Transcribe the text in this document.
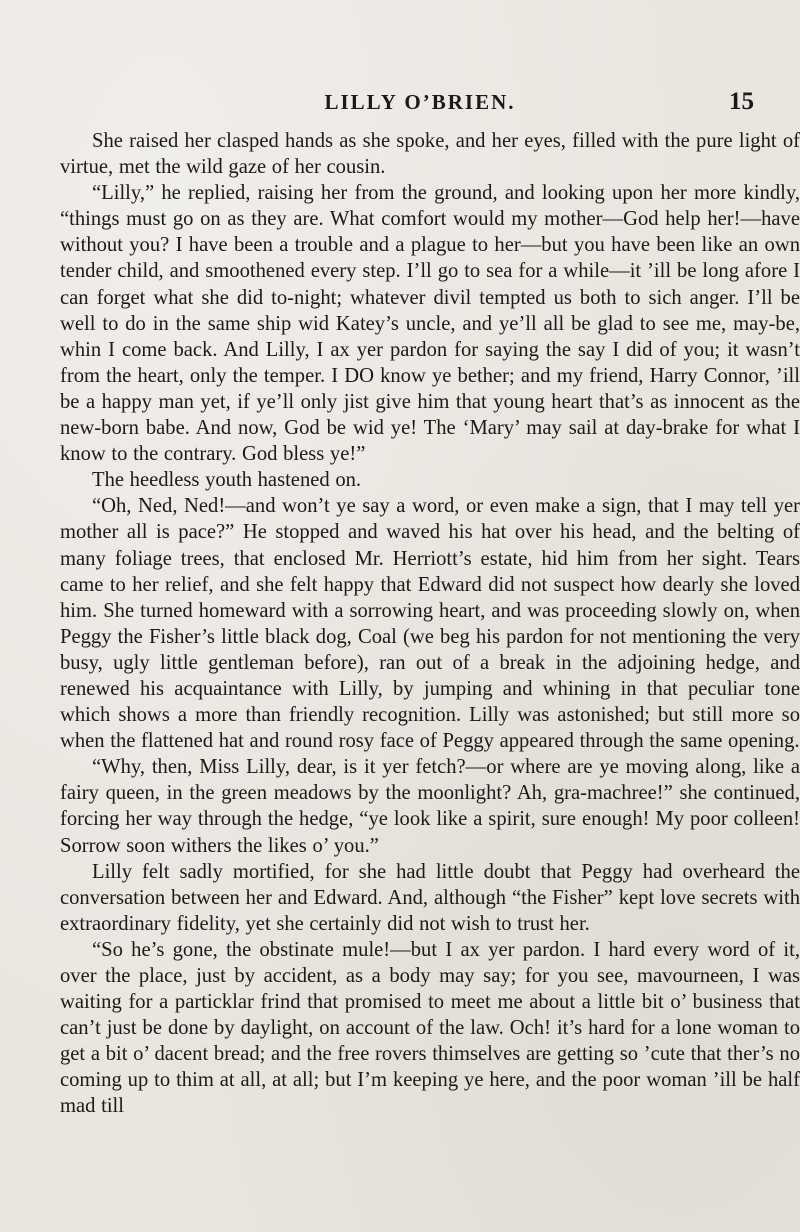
LILLY O’BRIEN.	15

She raised her clasped hands as she spoke, and her eyes, filled with the pure light of virtue, met the wild gaze of her cousin.

“Lilly,” he replied, raising her from the ground, and looking upon her more kindly, “things must go on as they are. What comfort would my mother—God help her!—have without you? I have been a trouble and a plague to her—but you have been like an own tender child, and smoothened every step. I’ll go to sea for a while—it ’ill be long afore I can forget what she did to-night; whatever divil tempted us both to sich anger. I’ll be well to do in the same ship wid Katey’s uncle, and ye’ll all be glad to see me, may-be, whin I come back. And Lilly, I ax yer pardon for saying the say I did of you; it wasn’t from the heart, only the temper. I DO know ye bether; and my friend, Harry Connor, ’ill be a happy man yet, if ye’ll only jist give him that young heart that’s as innocent as the new-born babe. And now, God be wid ye! The ‘Mary’ may sail at day-brake for what I know to the contrary. God bless ye!”

The heedless youth hastened on.

“Oh, Ned, Ned!—and won’t ye say a word, or even make a sign, that I may tell yer mother all is pace?” He stopped and waved his hat over his head, and the belting of many foliage trees, that enclosed Mr. Herriott’s estate, hid him from her sight. Tears came to her relief, and she felt happy that Edward did not suspect how dearly she loved him. She turned homeward with a sorrowing heart, and was proceeding slowly on, when Peggy the Fisher’s little black dog, Coal (we beg his pardon for not mentioning the very busy, ugly little gentleman before), ran out of a break in the adjoining hedge, and renewed his acquaintance with Lilly, by jumping and whining in that peculiar tone which shows a more than friendly recognition. Lilly was astonished; but still more so when the flattened hat and round rosy face of Peggy appeared through the same opening.

“Why, then, Miss Lilly, dear, is it yer fetch?—or where are ye moving along, like a fairy queen, in the green meadows by the moonlight? Ah, gra-machree!” she continued, forcing her way through the hedge, “ye look like a spirit, sure enough! My poor colleen! Sorrow soon withers the likes o’ you.”

Lilly felt sadly mortified, for she had little doubt that Peggy had overheard the conversation between her and Edward. And, although “the Fisher” kept love secrets with extraordinary fidelity, yet she certainly did not wish to trust her.

“So he’s gone, the obstinate mule!—but I ax yer pardon. I hard every word of it, over the place, just by accident, as a body may say; for you see, mavourneen, I was waiting for a particklar frind that promised to meet me about a little bit o’ business that can’t just be done by daylight, on account of the law. Och! it’s hard for a lone woman to get a bit o’ dacent bread; and the free rovers thimselves are getting so ’cute that ther’s no coming up to thim at all, at all; but I’m keeping ye here, and the poor woman ’ill be half mad till
